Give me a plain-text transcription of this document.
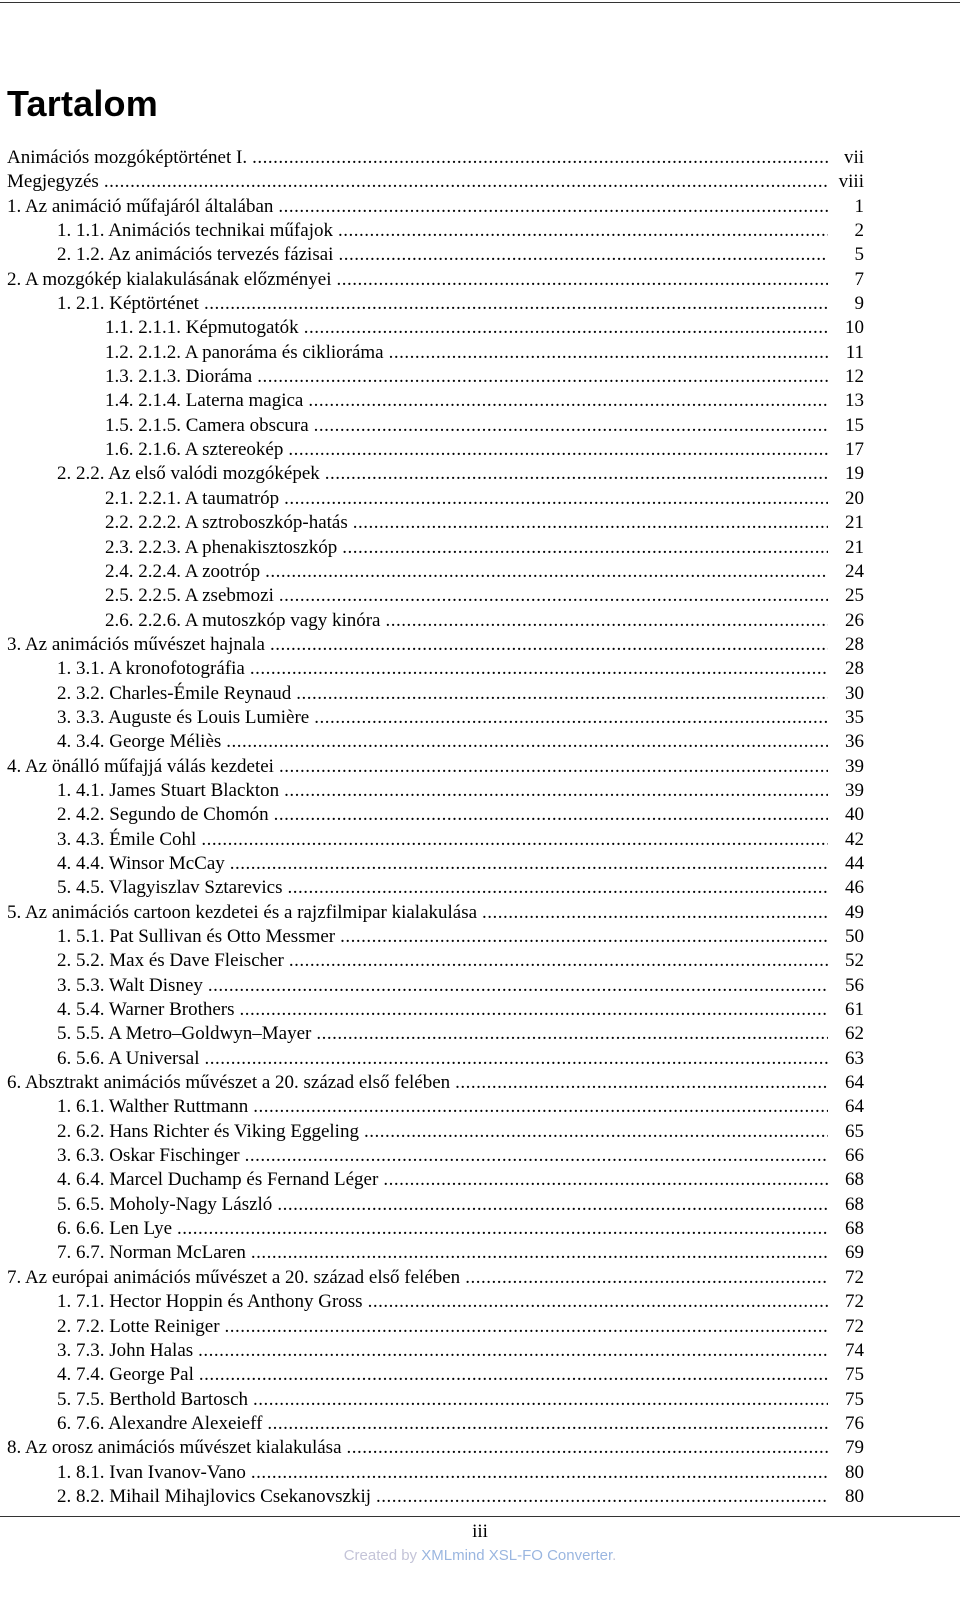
Tartalom
Animációs mozgóképtörténet I. .....	vii
Megjegyzés .....	viii
1. Az animáció műfajáról általában .....	1
1. 1.1. Animációs technikai műfajok .....	2
2. 1.2. Az animációs tervezés fázisai .....	5
2. A mozgókép kialakulásának előzményei .....	7
1. 2.1. Képtörténet .....	9
1.1. 2.1.1. Képmutogatók .....	10
1.2. 2.1.2. A panoráma és ciklioráma .....	11
1.3. 2.1.3. Dioráma .....	12
1.4. 2.1.4. Laterna magica .....	13
1.5. 2.1.5. Camera obscura .....	15
1.6. 2.1.6. A sztereokép .....	17
2. 2.2. Az első valódi mozgóképek .....	19
2.1. 2.2.1. A taumatróp .....	20
2.2. 2.2.2. A sztroboszkóp-hatás .....	21
2.3. 2.2.3. A phenakisztoszkóp .....	21
2.4. 2.2.4. A zootróp .....	24
2.5. 2.2.5. A zsebmozi .....	25
2.6. 2.2.6. A mutoszkóp vagy kinóra .....	26
3. Az animációs művészet hajnala .....	28
1. 3.1. A kronofotográfia .....	28
2. 3.2. Charles-Émile Reynaud .....	30
3. 3.3. Auguste és Louis Lumière .....	35
4. 3.4. George Méliès .....	36
4. Az önálló műfajjá válás kezdetei .....	39
1. 4.1. James Stuart Blackton .....	39
2. 4.2. Segundo de Chomón .....	40
3. 4.3. Émile Cohl .....	42
4. 4.4. Winsor McCay .....	44
5. 4.5. Vlagyiszlav Sztarevics .....	46
5. Az animációs cartoon kezdetei és a rajzfilmipar kialakulása .....	49
1. 5.1. Pat Sullivan és Otto Messmer .....	50
2. 5.2. Max és Dave Fleischer .....	52
3. 5.3. Walt Disney .....	56
4. 5.4. Warner Brothers .....	61
5. 5.5. A Metro–Goldwyn–Mayer .....	62
6. 5.6. A Universal .....	63
6. Absztrakt animációs művészet a 20. század első felében .....	64
1. 6.1. Walther Ruttmann .....	64
2. 6.2. Hans Richter és Viking Eggeling .....	65
3. 6.3. Oskar Fischinger .....	66
4. 6.4. Marcel Duchamp és Fernand Léger .....	68
5. 6.5. Moholy-Nagy László .....	68
6. 6.6. Len Lye .....	68
7. 6.7. Norman McLaren .....	69
7. Az európai animációs művészet a 20. század első felében .....	72
1. 7.1. Hector Hoppin és Anthony Gross .....	72
2. 7.2. Lotte Reiniger .....	72
3. 7.3. John Halas .....	74
4. 7.4. George Pal .....	75
5. 7.5. Berthold Bartosch .....	75
6. 7.6. Alexandre Alexeieff .....	76
8. Az orosz animációs művészet kialakulása .....	79
1. 8.1. Ivan Ivanov-Vano .....	80
2. 8.2. Mihail Mihajlovics Csekanovszkij .....	80
iii
Created by XMLmind XSL-FO Converter.
